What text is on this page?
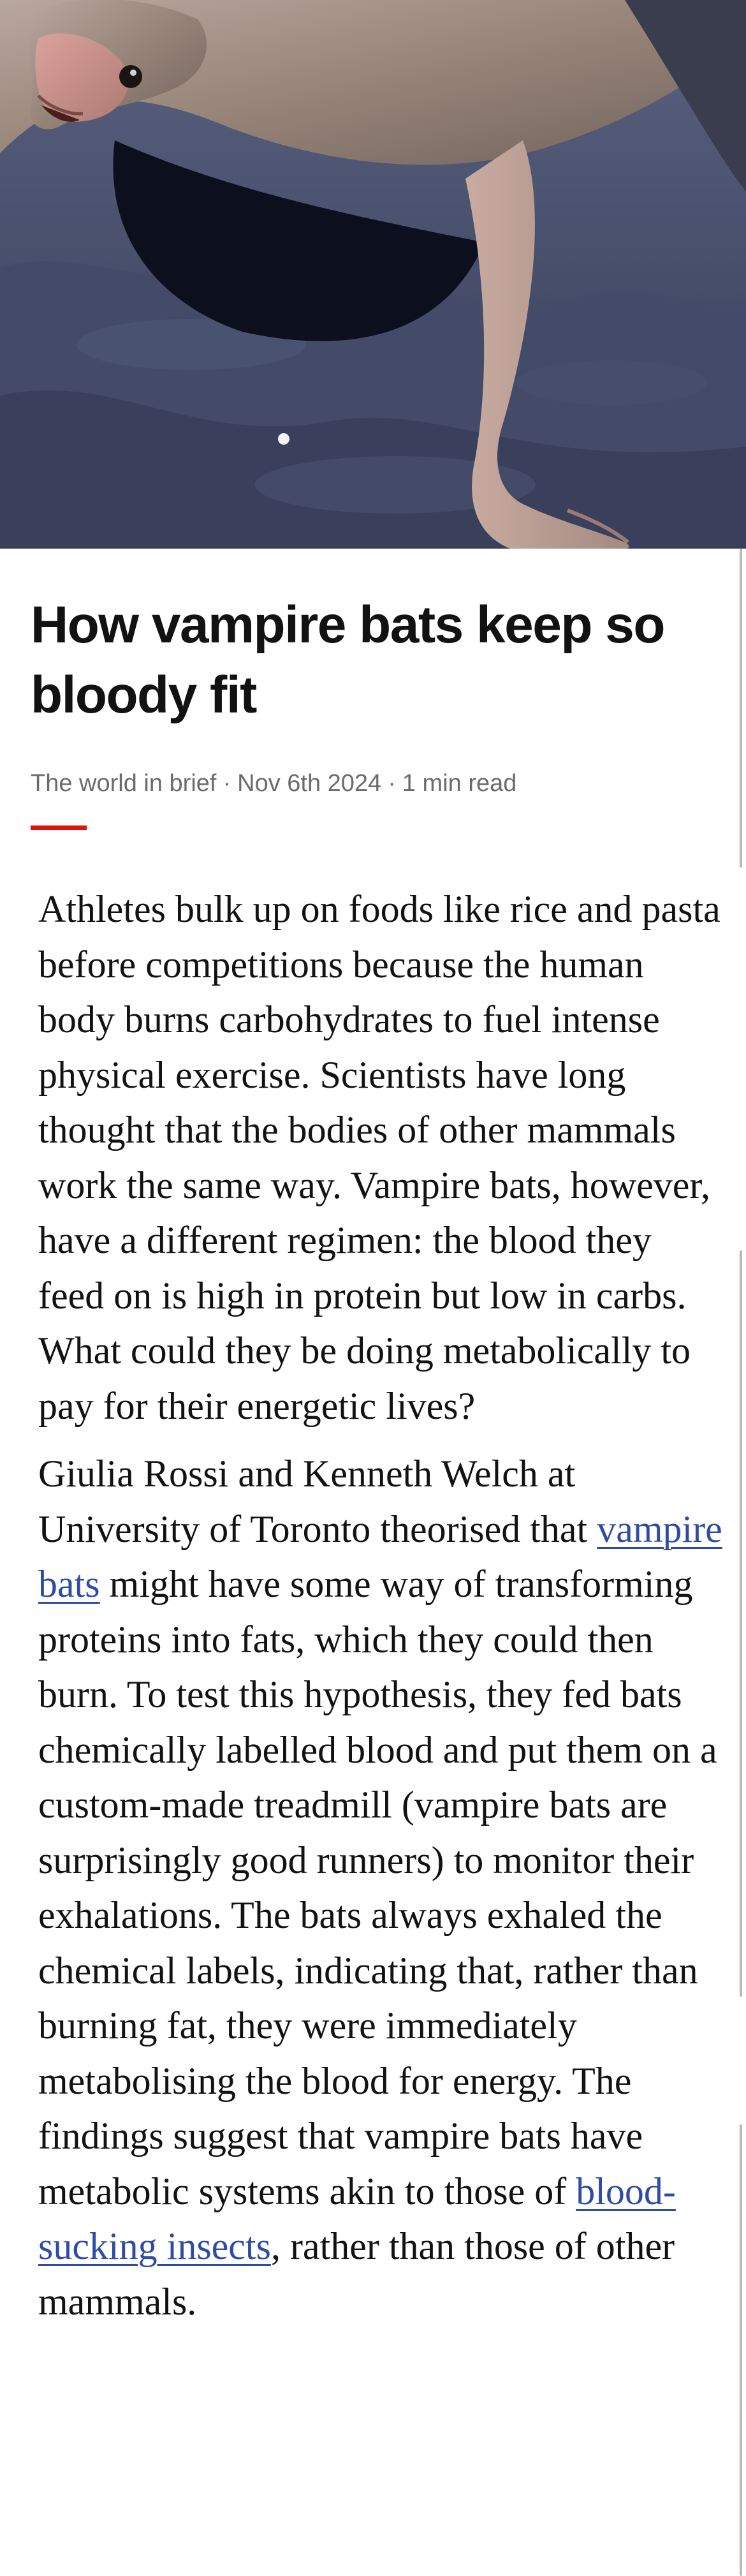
How vampire bats keep so bloody fit
The world in brief · Nov 6th 2024 · 1 min read

Athletes bulk up on foods like rice and pasta before competitions because the human body burns carbohydrates to fuel intense physical exercise. Scientists have long thought that the bodies of other mammals work the same way. Vampire bats, however, have a different regimen: the blood they feed on is high in protein but low in carbs. What could they be doing metabolically to pay for their energetic lives?

Giulia Rossi and Kenneth Welch at University of Toronto theorised that vampire bats might have some way of transforming proteins into fats, which they could then burn. To test this hypothesis, they fed bats chemically labelled blood and put them on a custom-made treadmill (vampire bats are surprisingly good runners) to monitor their exhalations. The bats always exhaled the chemical labels, indicating that, rather than burning fat, they were immediately metabolising the blood for energy. The findings suggest that vampire bats have metabolic systems akin to those of blood-sucking insects, rather than those of other mammals.
